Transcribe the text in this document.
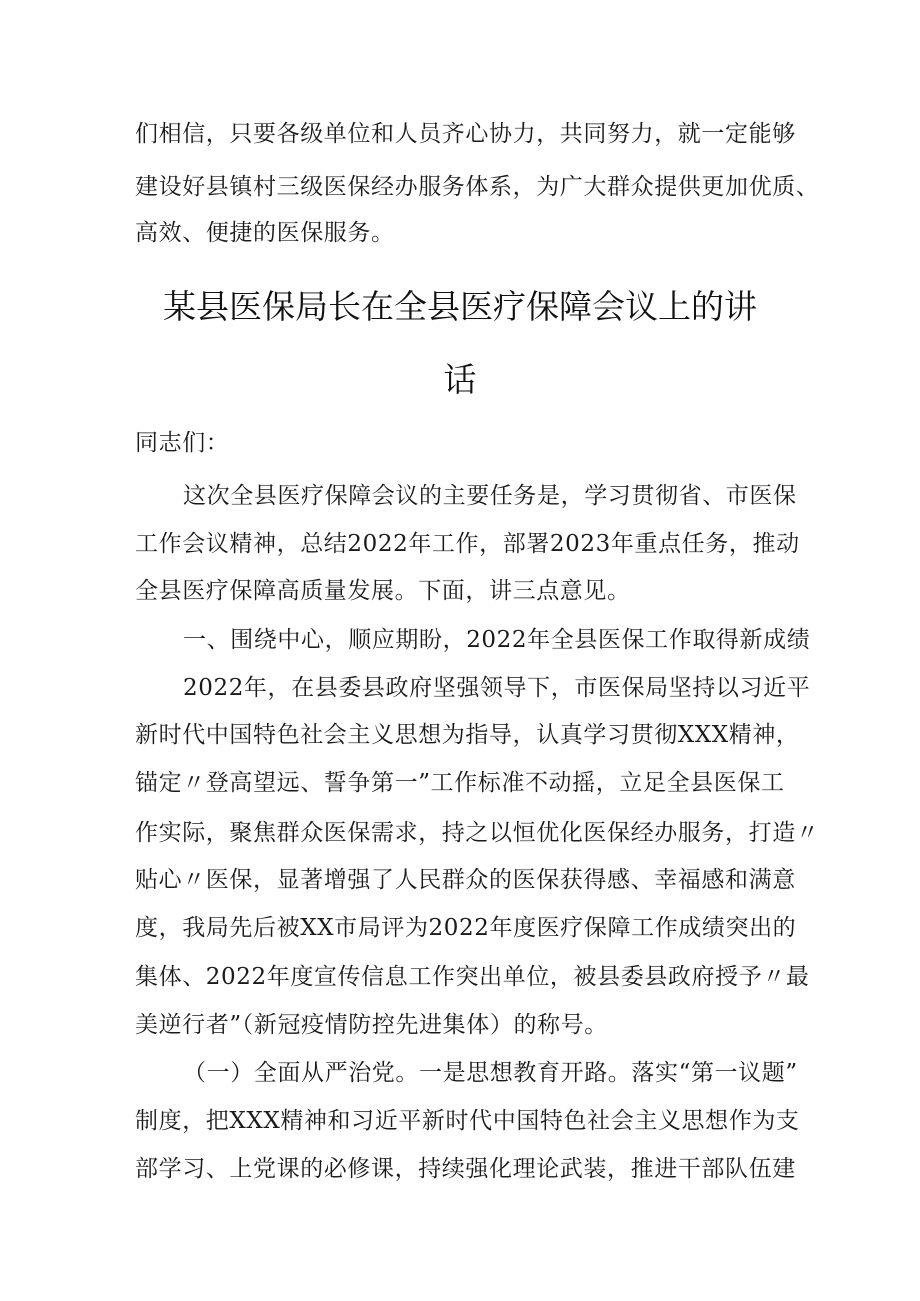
们相信，只要各级单位和人员齐心协力，共同努力，就一定能够
建设好县镇村三级医保经办服务体系，为广大群众提供更加优质、
高效、便捷的医保服务。
某县医保局长在全县医疗保障会议上的讲
话
同志们：
这次全县医疗保障会议的主要任务是，学习贯彻省、市医保
工作会议精神，总结2022年工作，部署2023年重点任务，推动
全县医疗保障高质量发展。下面，讲三点意见。
一、围绕中心，顺应期盼，2022年全县医保工作取得新成绩
2022年，在县委县政府坚强领导下，市医保局坚持以习近平
新时代中国特色社会主义思想为指导，认真学习贯彻XXX精神，
锚定〃登高望远、誓争第一”工作标准不动摇，立足全县医保工
作实际，聚焦群众医保需求，持之以恒优化医保经办服务，打造〃
贴心〃医保，显著增强了人民群众的医保获得感、幸福感和满意
度，我局先后被XX市局评为2022年度医疗保障工作成绩突出的
集体、2022年度宣传信息工作突出单位，被县委县政府授予〃最
美逆行者”（新冠疫情防控先进集体）的称号。
（一）全面从严治党。一是思想教育开路。落实“第一议题”
制度，把XXX精神和习近平新时代中国特色社会主义思想作为支
部学习、上党课的必修课，持续强化理论武装，推进干部队伍建
